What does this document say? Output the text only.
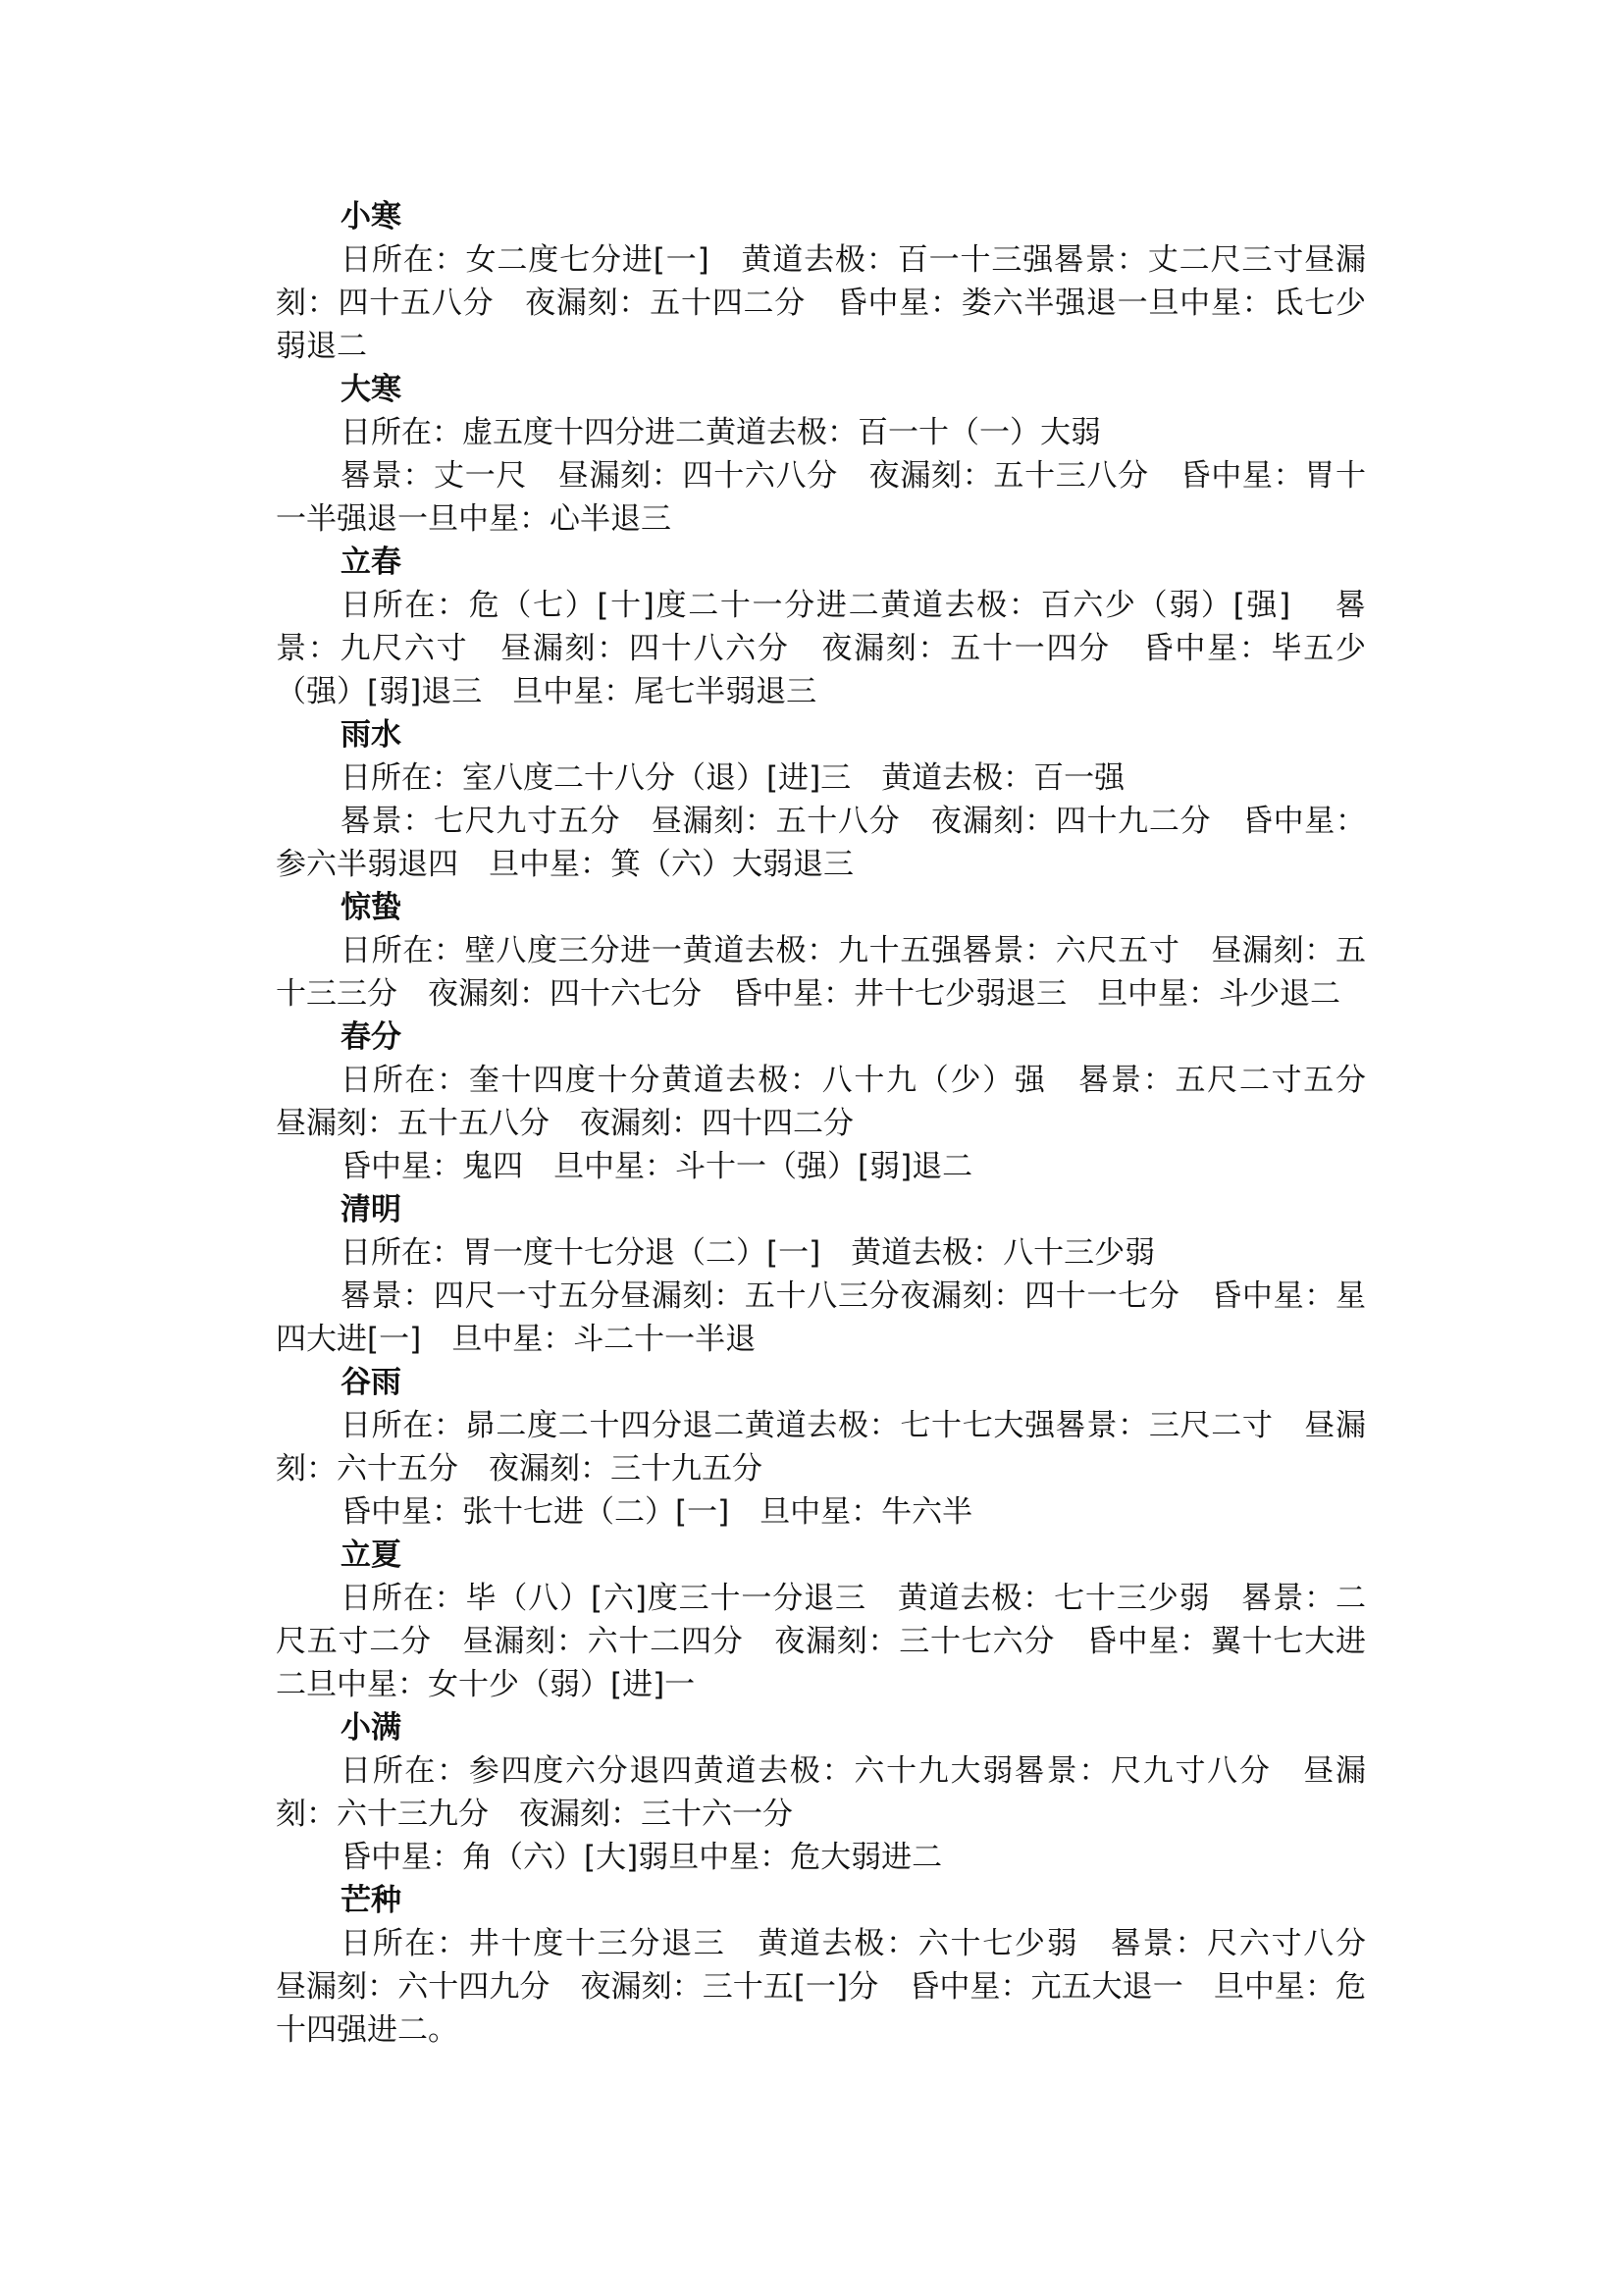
小寒

日所在：女二度七分进[一]　黄道去极：百一十三强晷景：丈二尺三寸昼漏刻：四十五八分　夜漏刻：五十四二分　昏中星：娄六半强退一旦中星：氐七少弱退二

大寒

日所在：虚五度十四分进二黄道去极：百一十（一）大弱

晷景：丈一尺　昼漏刻：四十六八分　夜漏刻：五十三八分　昏中星：胃十一半强退一旦中星：心半退三

立春

日所在：危（七）[十]度二十一分进二黄道去极：百六少（弱）[强]　 晷景：九尺六寸　昼漏刻：四十八六分　夜漏刻：五十一四分　昏中星：毕五少（强）[弱]退三　旦中星：尾七半弱退三

雨水

日所在：室八度二十八分（退）[进]三　黄道去极：百一强

晷景：七尺九寸五分　昼漏刻：五十八分　夜漏刻：四十九二分　昏中星：参六半弱退四　旦中星：箕（六）大弱退三

惊蛰

日所在：壁八度三分进一黄道去极：九十五强晷景：六尺五寸　昼漏刻：五十三三分　夜漏刻：四十六七分　昏中星：井十七少弱退三　旦中星：斗少退二

春分

日所在：奎十四度十分黄道去极：八十九（少）强　晷景：五尺二寸五分　昼漏刻：五十五八分　夜漏刻：四十四二分

昏中星：鬼四　旦中星：斗十一（强）[弱]退二

清明

日所在：胃一度十七分退（二）[一]　黄道去极：八十三少弱

晷景：四尺一寸五分昼漏刻：五十八三分夜漏刻：四十一七分　昏中星：星四大进[一]　旦中星：斗二十一半退

谷雨

日所在：昴二度二十四分退二黄道去极：七十七大强晷景：三尺二寸　昼漏刻：六十五分　夜漏刻：三十九五分

昏中星：张十七进（二）[一]　旦中星：牛六半

立夏

日所在：毕（八）[六]度三十一分退三　黄道去极：七十三少弱　晷景：二尺五寸二分　昼漏刻：六十二四分　夜漏刻：三十七六分　昏中星：翼十七大进二旦中星：女十少（弱）[进]一

小满

日所在：参四度六分退四黄道去极：六十九大弱晷景：尺九寸八分　昼漏刻：六十三九分　夜漏刻：三十六一分

昏中星：角（六）[大]弱旦中星：危大弱进二

芒种

日所在：井十度十三分退三　黄道去极：六十七少弱　晷景：尺六寸八分　昼漏刻：六十四九分　夜漏刻：三十五[一]分　昏中星：亢五大退一　旦中星：危十四强进二。
